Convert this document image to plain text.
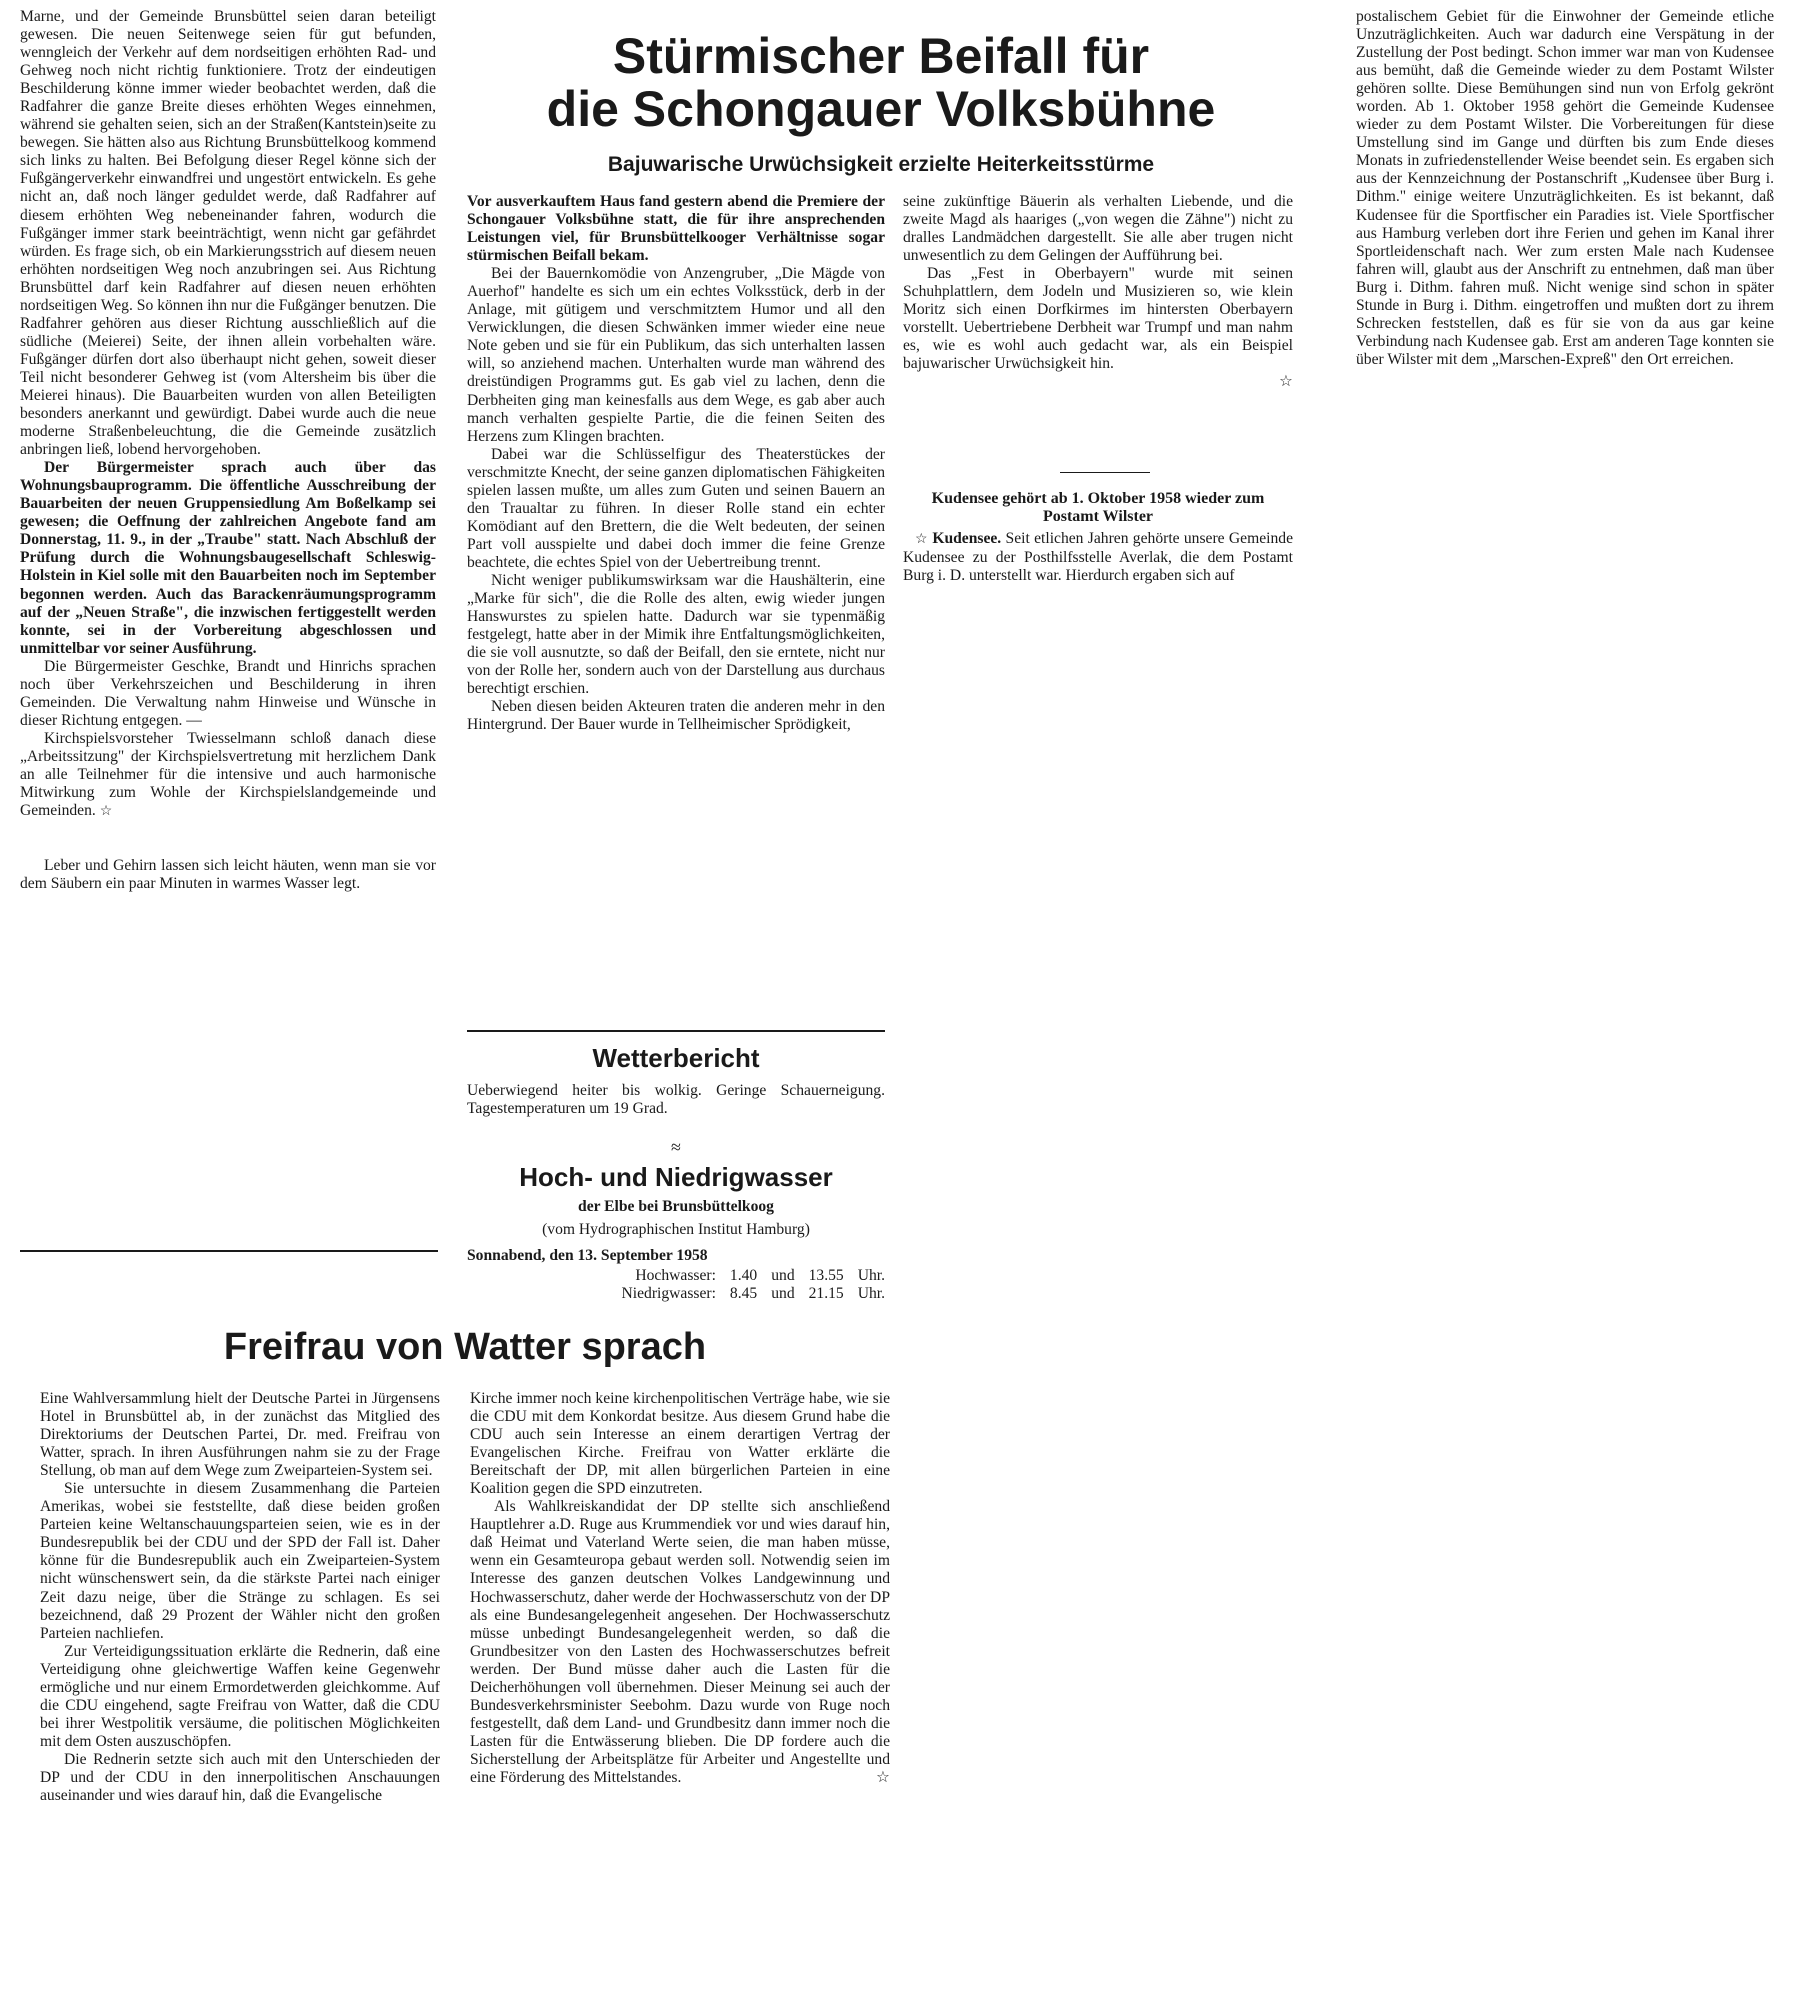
Marne, und der Gemeinde Brunsbüttel seien daran beteiligt gewesen. Die neuen Seitenwege seien für gut befunden, wenngleich der Verkehr auf dem nordseitigen erhöhten Rad- und Gehweg noch nicht richtig funktioniere. Trotz der eindeutigen Beschilderung könne immer wieder beobachtet werden, daß die Radfahrer die ganze Breite dieses erhöhten Weges einnehmen, während sie gehalten seien, sich an der Straßen(Kantstein)seite zu bewegen. Sie hätten also aus Richtung Brunsbüttelkoog kommend sich links zu halten. Bei Befolgung dieser Regel könne sich der Fußgängerverkehr einwandfrei und ungestört entwickeln. Es gehe nicht an, daß noch länger geduldet werde, daß Radfahrer auf diesem erhöhten Weg nebeneinander fahren, wodurch die Fußgänger immer stark beeinträchtigt, wenn nicht gar gefährdet würden. Es frage sich, ob ein Markierungsstrich auf diesem neuen erhöhten nordseitigen Weg noch anzubringen sei. Aus Richtung Brunsbüttel darf kein Radfahrer auf diesen neuen erhöhten nordseitigen Weg. So können ihn nur die Fußgänger benutzen. Die Radfahrer gehören aus dieser Richtung ausschließlich auf die südliche (Meierei) Seite, der ihnen allein vorbehalten wäre. Fußgänger dürfen dort also überhaupt nicht gehen, soweit dieser Teil nicht besonderer Gehweg ist (vom Altersheim bis über die Meierei hinaus). Die Bauarbeiten wurden von allen Beteiligten besonders anerkannt und gewürdigt. Dabei wurde auch die neue moderne Straßenbeleuchtung, die die Gemeinde zusätzlich anbringen ließ, lobend hervorgehoben.

Der Bürgermeister sprach auch über das Wohnungsbauprogramm. Die öffentliche Ausschreibung der Bauarbeiten der neuen Gruppensiedlung Am Boßelkamp sei gewesen; die Oeffnung der zahlreichen Angebote fand am Donnerstag, 11. 9., in der „Traube" statt. Nach Abschluß der Prüfung durch die Wohnungsbaugesellschaft Schleswig-Holstein in Kiel solle mit den Bauarbeiten noch im September begonnen werden. Auch das Barackenräumungsprogramm auf der „Neuen Straße", die inzwischen fertiggestellt werden konnte, sei in der Vorbereitung abgeschlossen und unmittelbar vor seiner Ausführung.

Die Bürgermeister Geschke, Brandt und Hinrichs sprachen noch über Verkehrszeichen und Beschilderung in ihren Gemeinden. Die Verwaltung nahm Hinweise und Wünsche in dieser Richtung entgegen. —

Kirchspielsvorsteher Twiesselmann schloß danach diese „Arbeitssitzung" der Kirchspielsvertretung mit herzlichem Dank an alle Teilnehmer für die intensive und auch harmonische Mitwirkung zum Wohle der Kirchspielslandgemeinde und Gemeinden. ☆

Leber und Gehirn lassen sich leicht häuten, wenn man sie vor dem Säubern ein paar Minuten in warmes Wasser legt.

Stürmischer Beifall für
die Schongauer Volksbühne
Bajuwarische Urwüchsigkeit erzielte Heiterkeitsstürme

Vor ausverkauftem Haus fand gestern abend die Premiere der Schongauer Volksbühne statt, die für ihre ansprechenden Leistungen viel, für Brunsbüttelkooger Verhältnisse sogar stürmischen Beifall bekam.

Bei der Bauernkomödie von Anzengruber, „Die Mägde von Auerhof" handelte es sich um ein echtes Volksstück, derb in der Anlage, mit gütigem und verschmitztem Humor und all den Verwicklungen, die diesen Schwänken immer wieder eine neue Note geben und sie für ein Publikum, das sich unterhalten lassen will, so anziehend machen. Unterhalten wurde man während des dreistündigen Programms gut. Es gab viel zu lachen, denn die Derbheiten ging man keinesfalls aus dem Wege, es gab aber auch manch verhalten gespielte Partie, die die feinen Seiten des Herzens zum Klingen brachten.

Dabei war die Schlüsselfigur des Theaterstückes der verschmitzte Knecht, der seine ganzen diplomatischen Fähigkeiten spielen lassen mußte, um alles zum Guten und seinen Bauern an den Traualtar zu führen. In dieser Rolle stand ein echter Komödiant auf den Brettern, die die Welt bedeuten, der seinen Part voll ausspielte und dabei doch immer die feine Grenze beachtete, die echtes Spiel von der Uebertreibung trennt.

Nicht weniger publikumswirksam war die Haushälterin, eine „Marke für sich", die die Rolle des alten, ewig wieder jungen Hanswurstes zu spielen hatte. Dadurch war sie typenmäßig festgelegt, hatte aber in der Mimik ihre Entfaltungsmöglichkeiten, die sie voll ausnutzte, so daß der Beifall, den sie erntete, nicht nur von der Rolle her, sondern auch von der Darstellung aus durchaus berechtigt erschien.

Neben diesen beiden Akteuren traten die anderen mehr in den Hintergrund. Der Bauer wurde in Tellheimischer Sprödigkeit,

seine zukünftige Bäuerin als verhalten Liebende, und die zweite Magd als haariges („von wegen die Zähne") nicht zu dralles Landmädchen dargestellt. Sie alle aber trugen nicht unwesentlich zu dem Gelingen der Aufführung bei.

Das „Fest in Oberbayern" wurde mit seinen Schuhplattlern, dem Jodeln und Musizieren so, wie klein Moritz sich einen Dorfkirmes im hintersten Oberbayern vorstellt. Uebertriebene Derbheit war Trumpf und man nahm es, wie es wohl auch gedacht war, als ein Beispiel bajuwarischer Urwüchsigkeit hin.

☆

Kudensee gehört ab 1. Oktober 1958 wieder zum Postamt Wilster

☆ Kudensee. Seit etlichen Jahren gehörte unsere Gemeinde Kudensee zu der Posthilfsstelle Averlak, die dem Postamt Burg i. D. unterstellt war. Hierdurch ergaben sich auf

postalischem Gebiet für die Einwohner der Gemeinde etliche Unzuträglichkeiten. Auch war dadurch eine Verspätung in der Zustellung der Post bedingt. Schon immer war man von Kudensee aus bemüht, daß die Gemeinde wieder zu dem Postamt Wilster gehören sollte. Diese Bemühungen sind nun von Erfolg gekrönt worden. Ab 1. Oktober 1958 gehört die Gemeinde Kudensee wieder zu dem Postamt Wilster. Die Vorbereitungen für diese Umstellung sind im Gange und dürften bis zum Ende dieses Monats in zufriedenstellender Weise beendet sein. Es ergaben sich aus der Kennzeichnung der Postanschrift „Kudensee über Burg i. Dithm." einige weitere Unzuträglichkeiten. Es ist bekannt, daß Kudensee für die Sportfischer ein Paradies ist. Viele Sportfischer aus Hamburg verleben dort ihre Ferien und gehen im Kanal ihrer Sportleidenschaft nach. Wer zum ersten Male nach Kudensee fahren will, glaubt aus der Anschrift zu entnehmen, daß man über Burg i. Dithm. fahren muß. Nicht wenige sind schon in später Stunde in Burg i. Dithm. eingetroffen und mußten dort zu ihrem Schrecken feststellen, daß es für sie von da aus gar keine Verbindung nach Kudensee gab. Erst am anderen Tage konnten sie über Wilster mit dem „Marschen-Expreß" den Ort erreichen.

Wetterbericht
Ueberwiegend heiter bis wolkig. Geringe Schauerneigung. Tagestemperaturen um 19 Grad.
≈
Hoch- und Niedrigwasser
der Elbe bei Brunsbüttelkoog
(vom Hydrographischen Institut Hamburg)
Sonnabend, den 13. September 1958
Hochwasser: 1.40 und 13.55 Uhr.
Niedrigwasser: 8.45 und 21.15 Uhr.
Freifrau von Watter sprach

Eine Wahlversammlung hielt der Deutsche Partei in Jürgensens Hotel in Brunsbüttel ab, in der zunächst das Mitglied des Direktoriums der Deutschen Partei, Dr. med. Freifrau von Watter, sprach. In ihren Ausführungen nahm sie zu der Frage Stellung, ob man auf dem Wege zum Zweiparteien-System sei.

Sie untersuchte in diesem Zusammenhang die Parteien Amerikas, wobei sie feststellte, daß diese beiden großen Parteien keine Weltanschauungsparteien seien, wie es in der Bundesrepublik bei der CDU und der SPD der Fall ist. Daher könne für die Bundesrepublik auch ein Zweiparteien-System nicht wünschenswert sein, da die stärkste Partei nach einiger Zeit dazu neige, über die Stränge zu schlagen. Es sei bezeichnend, daß 29 Prozent der Wähler nicht den großen Parteien nachliefen.

Zur Verteidigungssituation erklärte die Rednerin, daß eine Verteidigung ohne gleichwertige Waffen keine Gegenwehr ermögliche und nur einem Ermordetwerden gleichkomme. Auf die CDU eingehend, sagte Freifrau von Watter, daß die CDU bei ihrer Westpolitik versäume, die politischen Möglichkeiten mit dem Osten auszuschöpfen.

Die Rednerin setzte sich auch mit den Unterschieden der DP und der CDU in den innerpolitischen Anschauungen auseinander und wies darauf hin, daß die Evangelische

Kirche immer noch keine kirchenpolitischen Verträge habe, wie sie die CDU mit dem Konkordat besitze. Aus diesem Grund habe die CDU auch sein Interesse an einem derartigen Vertrag der Evangelischen Kirche. Freifrau von Watter erklärte die Bereitschaft der DP, mit allen bürgerlichen Parteien in eine Koalition gegen die SPD einzutreten.

Als Wahlkreiskandidat der DP stellte sich anschließend Hauptlehrer a.D. Ruge aus Krummendiek vor und wies darauf hin, daß Heimat und Vaterland Werte seien, die man haben müsse, wenn ein Gesamteuropa gebaut werden soll. Notwendig seien im Interesse des ganzen deutschen Volkes Landgewinnung und Hochwasserschutz, daher werde der Hochwasserschutz von der DP als eine Bundesangelegenheit angesehen. Der Hochwasserschutz müsse unbedingt Bundesangelegenheit werden, so daß die Grundbesitzer von den Lasten des Hochwasserschutzes befreit werden. Der Bund müsse daher auch die Lasten für die Deicherhöhungen voll übernehmen. Dieser Meinung sei auch der Bundesverkehrsminister Seebohm. Dazu wurde von Ruge noch festgestellt, daß dem Land- und Grundbesitz dann immer noch die Lasten für die Entwässerung blieben. Die DP fordere auch die Sicherstellung der Arbeitsplätze für Arbeiter und Angestellte und eine Förderung des Mittelstandes.	☆
